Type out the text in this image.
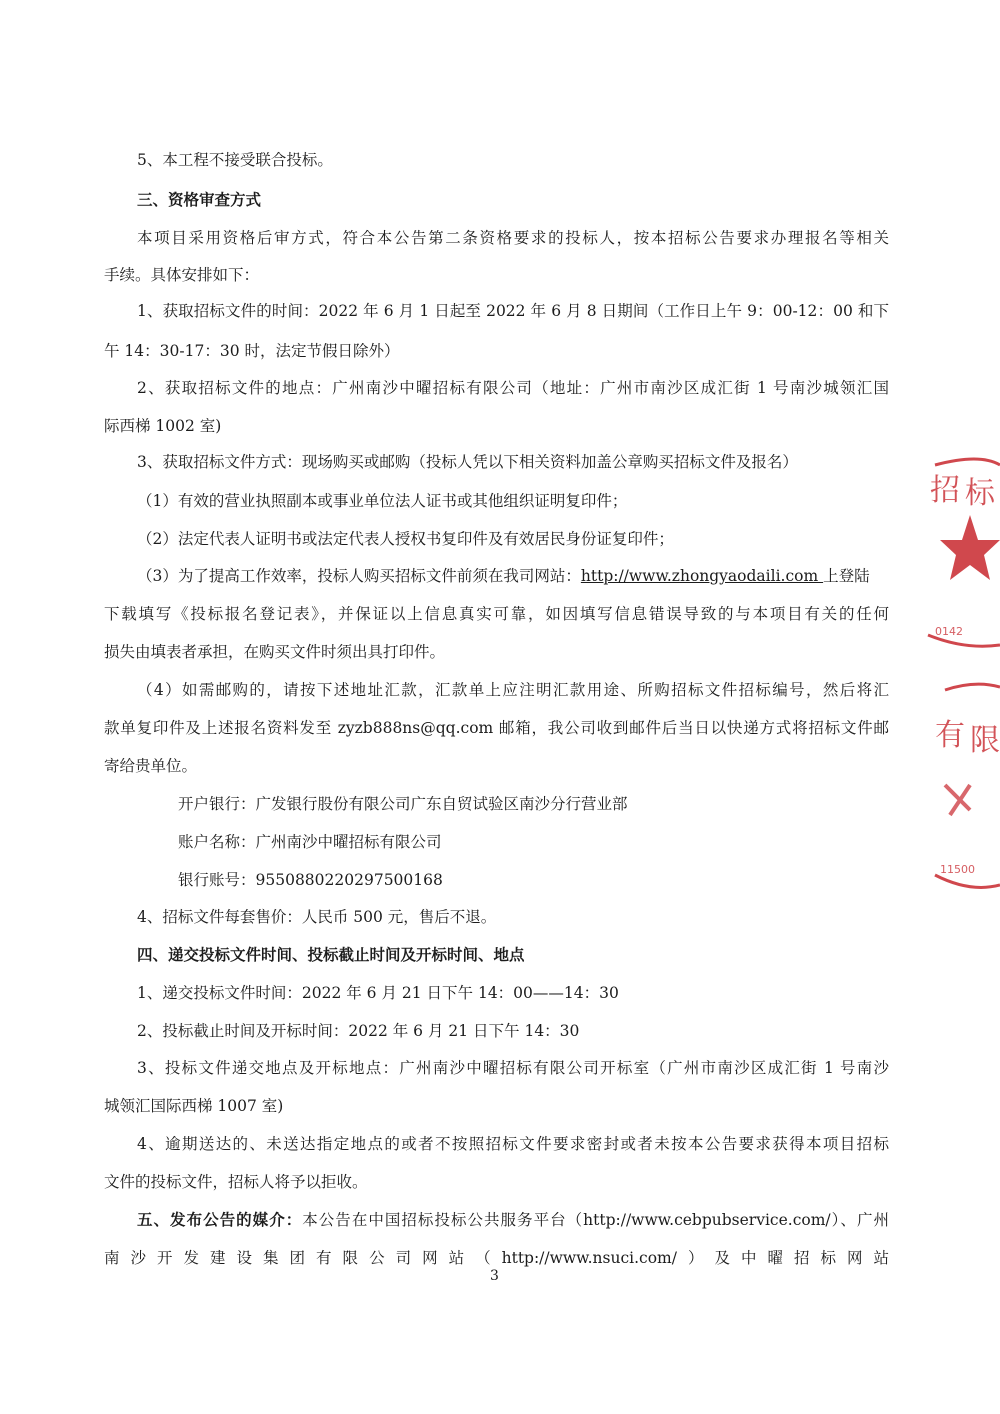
5、本工程不接受联合投标。
三、资格审查方式
本项目采用资格后审方式，符合本公告第二条资格要求的投标人，按本招标公告要求办理报名等相关
手续。具体安排如下：
1、获取招标文件的时间：2022 年 6 月 1 日起至 2022 年 6 月 8 日期间（工作日上午 9：00-12：00 和下
午 14：30-17：30 时，法定节假日除外）
2、获取招标文件的地点：广州南沙中曜招标有限公司（地址：广州市南沙区成汇街 1 号南沙城领汇国
际西梯 1002 室)
3、获取招标文件方式：现场购买或邮购（投标人凭以下相关资料加盖公章购买招标文件及报名）
（1）有效的营业执照副本或事业单位法人证书或其他组织证明复印件；
（2）法定代表人证明书或法定代表人授权书复印件及有效居民身份证复印件；
（3）为了提高工作效率，投标人购买招标文件前须在我司网站：http://www.zhongyaodaili.com 上登陆
下载填写《投标报名登记表》，并保证以上信息真实可靠，如因填写信息错误导致的与本项目有关的任何
损失由填表者承担，在购买文件时须出具打印件。
（4）如需邮购的，请按下述地址汇款，汇款单上应注明汇款用途、所购招标文件招标编号，然后将汇
款单复印件及上述报名资料发至 zyzb888ns@qq.com 邮箱，我公司收到邮件后当日以快递方式将招标文件邮
寄给贵单位。
开户银行：广发银行股份有限公司广东自贸试验区南沙分行营业部
账户名称：广州南沙中曜招标有限公司
银行账号：9550880220297500168
4、招标文件每套售价：人民币 500 元，售后不退。
四、递交投标文件时间、投标截止时间及开标时间、地点
1、递交投标文件时间：2022 年 6 月 21 日下午 14：00——14：30
2、投标截止时间及开标时间：2022 年 6 月 21 日下午 14：30
3、投标文件递交地点及开标地点：广州南沙中曜招标有限公司开标室（广州市南沙区成汇街 1 号南沙
城领汇国际西梯 1007 室)
4、逾期送达的、未送达指定地点的或者不按照招标文件要求密封或者未按本公告要求获得本项目招标
文件的投标文件，招标人将予以拒收。
五、发布公告的媒介：本公告在中国招标投标公共服务平台（http://www.cebpubservice.com/）、广州
南沙开发建设集团有限公司网站（http://www.nsuci.com/）及中曜招标网站
3
招 标
有 限
0142
11500
